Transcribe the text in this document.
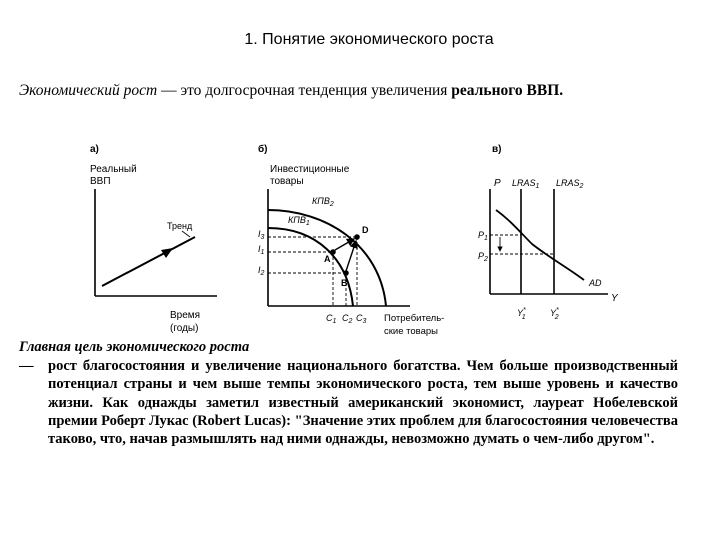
1. Понятие экономического роста
Экономический рост — это долгосрочная тенденция увеличения реального ВВП.
а)
Реальный
ВВП
Тренд
Время
(годы)
б)
Инвестиционные
товары
$КПВ_2$
$КПВ_1$
A
B
D
$I_3$
$I_1$
$I_2$
$C_1$ $C_2$ $C_3$ Потребитель-
ские товары
в)
P $LRAS_1$ $LRAS_2$
AD
$P_1$
$P_2$
Y
Y* 1	Y* 2
Главная цель экономического роста
—	рост благосостояния и увеличение национального богатства. Чем больше производственный потенциал страны и чем выше темпы экономического роста, тем выше уровень и качество жизни. Как однажды заметил известный американский экономист, лауреат Нобелевской премии Роберт Лукас (Robert Lucas): "Значение этих проблем для благосостояния человечества таково, что, начав размышлять над ними однажды, невозможно думать о чем-либо другом".
